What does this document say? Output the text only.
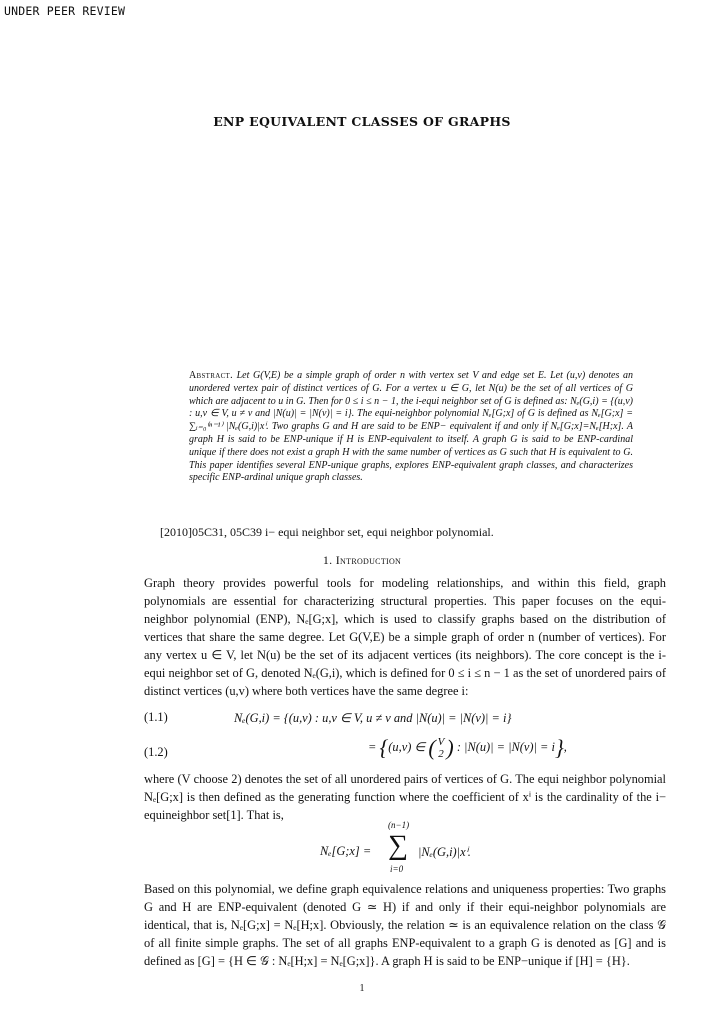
UNDER PEER REVIEW
ENP EQUIVALENT CLASSES OF GRAPHS
Abstract. Let G(V,E) be a simple graph of order n with vertex set V and edge set E. Let (u,v) denotes an unordered vertex pair of distinct vertices of G. For a vertex u ∈ G, let N(u) be the set of all vertices of G which are adjacent to u in G. Then for 0 ≤ i ≤ n − 1, the i-equi neighbor set of G is defined as: Nₑ(G,i) = {(u,v) : u,v ∈ V, u ≠ v and |N(u)| = |N(v)| = i}. The equi-neighbor polynomial Nₑ[G;x] of G is defined as Nₑ[G;x] = ∑ᵢ₌₀⁽ⁿ⁻¹⁾ |Nₑ(G,i)|xⁱ. Two graphs G and H are said to be ENP− equivalent if and only if Nₑ[G;x]=Nₑ[H;x]. A graph H is said to be ENP-unique if H is ENP-equivalent to itself. A graph G is said to be ENP-cardinal unique if there does not exist a graph H with the same number of vertices as G such that H is equivalent to G. This paper identifies several ENP-unique graphs, explores ENP-equivalent graph classes, and characterizes specific ENP-ardinal unique graph classes.
[2010]05C31, 05C39 i− equi neighbor set, equi neighbor polynomial.
1. Introduction
Graph theory provides powerful tools for modeling relationships, and within this field, graph polynomials are essential for characterizing structural properties. This paper focuses on the equi-neighbor polynomial (ENP), Nₑ[G;x], which is used to classify graphs based on the distribution of vertices that share the same degree. Let G(V,E) be a simple graph of order n (number of vertices). For any vertex u ∈ V, let N(u) be the set of its adjacent vertices (its neighbors). The core concept is the i-equi neighbor set of G, denoted Nₑ(G,i), which is defined for 0 ≤ i ≤ n − 1 as the set of unordered pairs of distinct vertices (u,v) where both vertices have the same degree i:
(1.1)	Nₑ(G,i) = {(u,v) : u,v ∈ V, u ≠ v and |N(u)| = |N(v)| = i}
(1.2)	= {(u,v) ∈ ( V
2 ) : |N(u)| = |N(v)| = i},
where (V choose 2) denotes the set of all unordered pairs of vertices of G. The equi neighbor polynomial Nₑ[G;x] is then defined as the generating function where the coefficient of xⁱ is the cardinality of the i− equineighbor set[1]. That is,
Nₑ[G;x] =
(n−1)
∑
i=0
|Nₑ(G,i)|xⁱ.
Based on this polynomial, we define graph equivalence relations and uniqueness properties: Two graphs G and H are ENP-equivalent (denoted G ≃ H) if and only if their equi-neighbor polynomials are identical, that is, Nₑ[G;x] = Nₑ[H;x]. Obviously, the relation ≃ is an equivalence relation on the class 𝒢 of all finite simple graphs. The set of all graphs ENP-equivalent to a graph G is denoted as [G] and is defined as [G] = {H ∈ 𝒢 : Nₑ[H;x] = Nₑ[G;x]}. A graph H is said to be ENP−unique if [H] = {H}.
1
